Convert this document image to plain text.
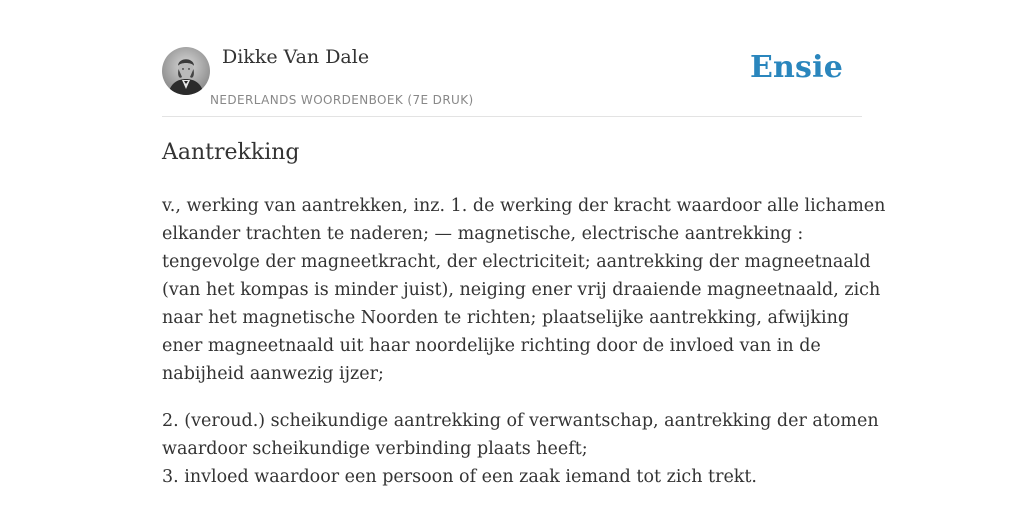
Dikke Van Dale
NEDERLANDS WOORDENBOEK (7E DRUK)
Ensie
Aantrekking

v., werking van aantrekken, inz. 1. de werking der kracht waardoor alle lichamen
elkander trachten te naderen; — magnetische, electrische aantrekking :
tengevolge der magneetkracht, der electriciteit; aantrekking der magneetnaald
(van het kompas is minder juist), neiging ener vrij draaiende magneetnaald, zich
naar het magnetische Noorden te richten; plaatselijke aantrekking, afwijking
ener magneetnaald uit haar noordelijke richting door de invloed van in de
nabijheid aanwezig ijzer;

2. (veroud.) scheikundige aantrekking of verwantschap, aantrekking der atomen
waardoor scheikundige verbinding plaats heeft;
3. invloed waardoor een persoon of een zaak iemand tot zich trekt.
